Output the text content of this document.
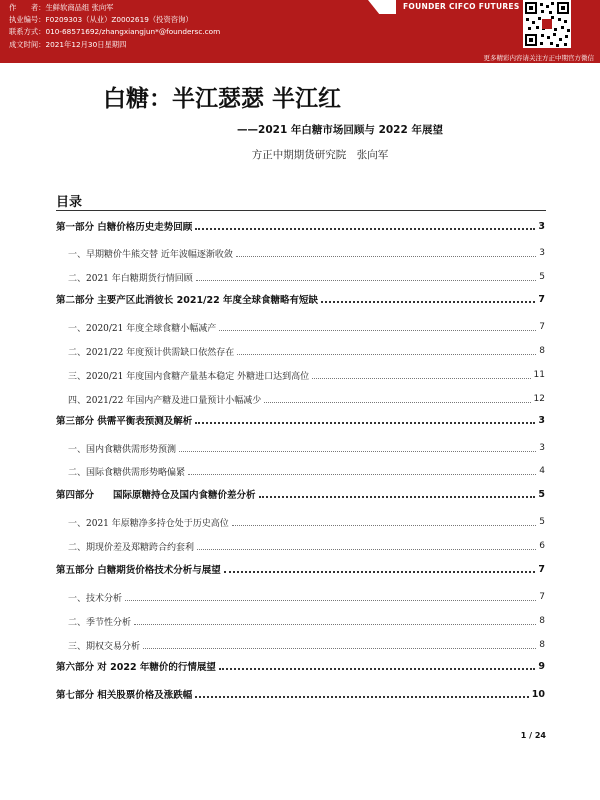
作　　者：生鲜软商品组 张向军
执业编号：F0209303（从业）Z0002619（投资咨询）
联系方式：010-68571692/zhangxiangjun*@foundersc.com
成文时间：2021年12月30日星期四
FOUNDER CIFCO FUTURES
更多精彩内容请关注方正中期官方微信
白糖：半江瑟瑟 半江红
——2021 年白糖市场回顾与 2022 年展望
方正中期期货研究院　张向军
目录
第一部分 白糖价格历史走势回顾	3
一、早期糖价牛熊交替 近年波幅逐渐收敛	3
二、2021 年白糖期货行情回顾	5
第二部分 主要产区此消彼长 2021/22 年度全球食糖略有短缺	7
一、2020/21 年度全球食糖小幅减产	7
二、2021/22 年度预计供需缺口依然存在	8
三、2020/21 年度国内食糖产量基本稳定 外糖进口达到高位	11
四、2021/22 年国内产糖及进口量预计小幅减少	12
第三部分 供需平衡表预测及解析	3
一、国内食糖供需形势预测	3
二、国际食糖供需形势略偏紧	4
第四部分　　国际原糖持仓及国内食糖价差分析	5
一、2021 年原糖净多持仓处于历史高位	5
二、期现价差及郑糖跨合约套利	6
第五部分 白糖期货价格技术分析与展望	7
一、技术分析	7
二、季节性分析	8
三、期权交易分析	8
第六部分 对 2022 年糖价的行情展望	9
第七部分 相关股票价格及涨跌幅	10
1 / 24
